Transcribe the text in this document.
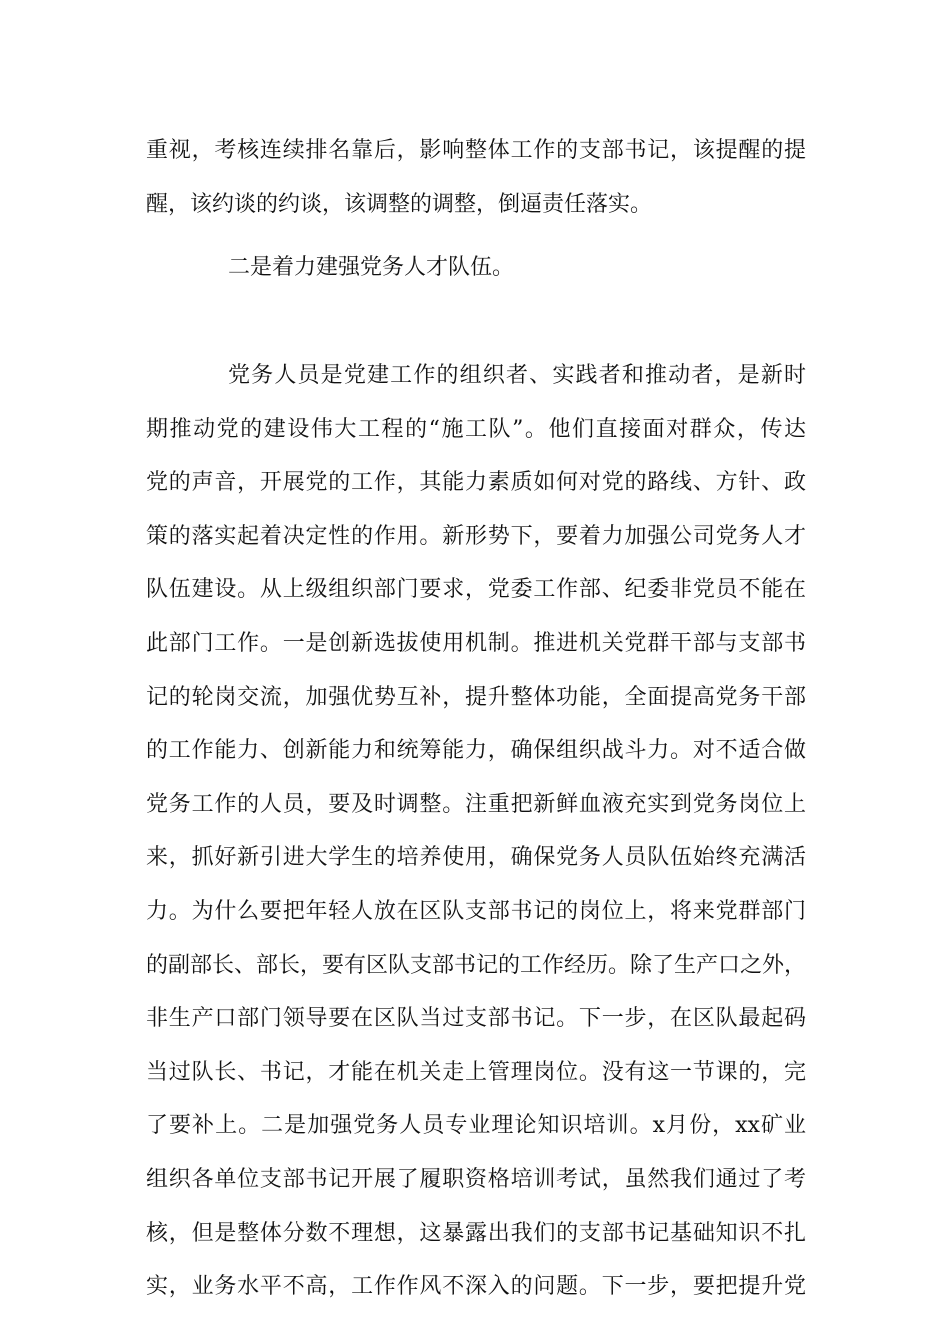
重视，考核连续排名靠后，影响整体工作的支部书记，该提醒的提
醒，该约谈的约谈，该调整的调整，倒逼责任落实。
二是着力建强党务人才队伍。
党务人员是党建工作的组织者、实践者和推动者，是新时
期推动党的建设伟大工程的“施工队”。他们直接面对群众，传达
党的声音，开展党的工作，其能力素质如何对党的路线、方针、政
策的落实起着决定性的作用。新形势下，要着力加强公司党务人才
队伍建设。从上级组织部门要求，党委工作部、纪委非党员不能在
此部门工作。一是创新选拔使用机制。推进机关党群干部与支部书
记的轮岗交流，加强优势互补，提升整体功能，全面提高党务干部
的工作能力、创新能力和统筹能力，确保组织战斗力。对不适合做
党务工作的人员，要及时调整。注重把新鲜血液充实到党务岗位上
来，抓好新引进大学生的培养使用，确保党务人员队伍始终充满活
力。为什么要把年轻人放在区队支部书记的岗位上，将来党群部门
的副部长、部长，要有区队支部书记的工作经历。除了生产口之外，
非生产口部门领导要在区队当过支部书记。下一步，在区队最起码
当过队长、书记，才能在机关走上管理岗位。没有这一节课的，完
了要补上。二是加强党务人员专业理论知识培训。x月份，xx矿业
组织各单位支部书记开展了履职资格培训考试，虽然我们通过了考
核，但是整体分数不理想，这暴露出我们的支部书记基础知识不扎
实，业务水平不高，工作作风不深入的问题。下一步，要把提升党
